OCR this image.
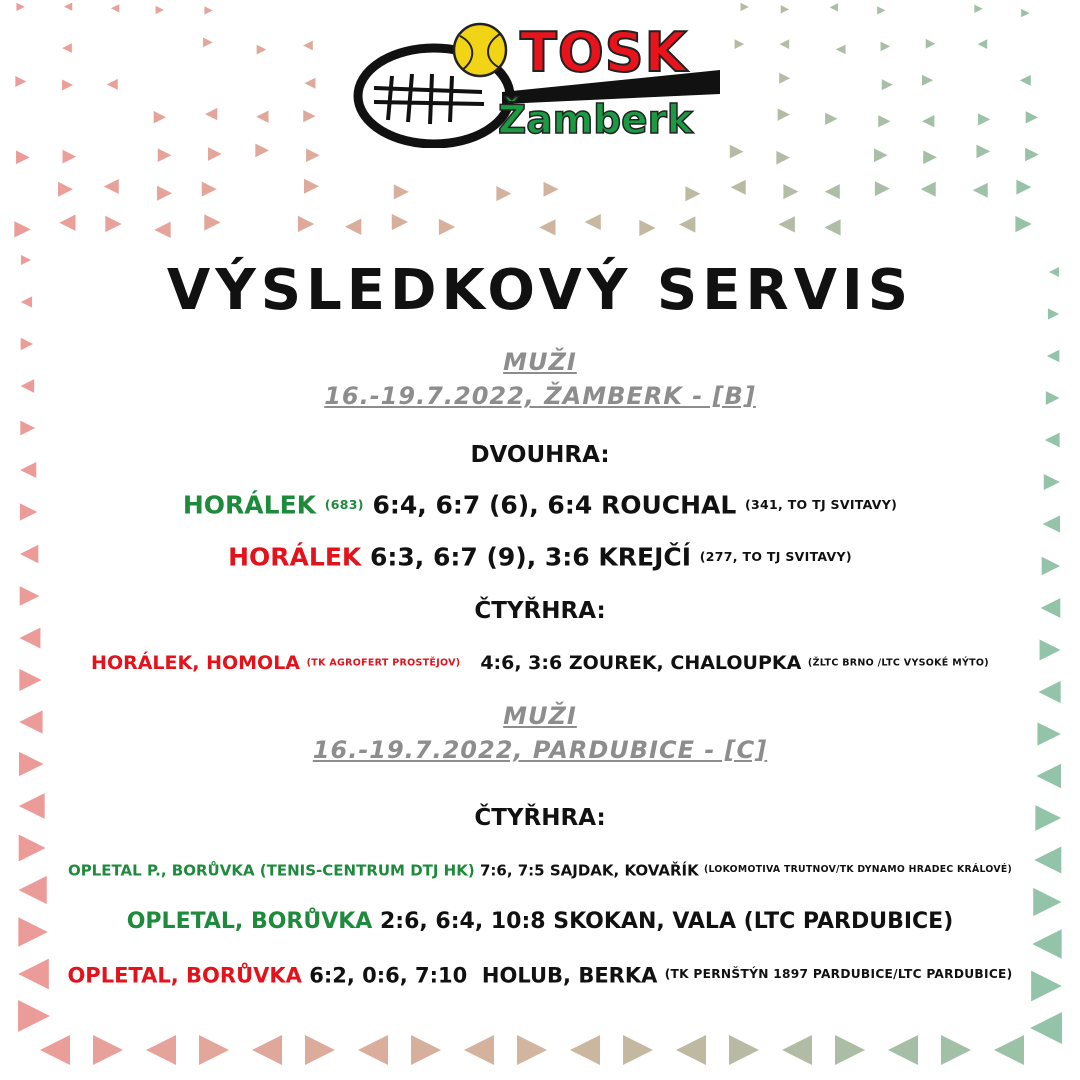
TOSK

Žamberk

VÝSLEDKOVÝ SERVIS

MUŽI

16.-19.7.2022, ŽAMBERK - [B]

DVOUHRA:

HORÁLEK (683) 6:4, 6:7 (6), 6:4 ROUCHAL (341, TO TJ SVITAVY)

HORÁLEK 6:3, 6:7 (9), 3:6 KREJČÍ (277, TO TJ SVITAVY)

ČTYŘHRA:

HORÁLEK, HOMOLA (TK AGROFERT PROSTĚJOV) 4:6, 3:6 ZOUREK, CHALOUPKA (ŽLTC BRNO /LTC VYSOKÉ MÝTO)

MUŽI

16.-19.7.2022, PARDUBICE - [C]

ČTYŘHRA:

OPLETAL P., BORŮVKA (TENIS-CENTRUM DTJ HK) 7:6, 7:5 SAJDAK, KOVAŘÍK $^{(LOKOMOTIVA TRUTNOV/TK DYNAMO HRADEC KRÁLOVÉ)}$

OPLETAL, BORŮVKA 2:6, 6:4, 10:8 SKOKAN, VALA (LTC PARDUBICE)

OPLETAL, BORŮVKA 6:2, 0:6, 7:10 HOLUB, BERKA $^{(TK PERNŠTÝN 1897 PARDUBICE/LTC PARDUBICE)}$
